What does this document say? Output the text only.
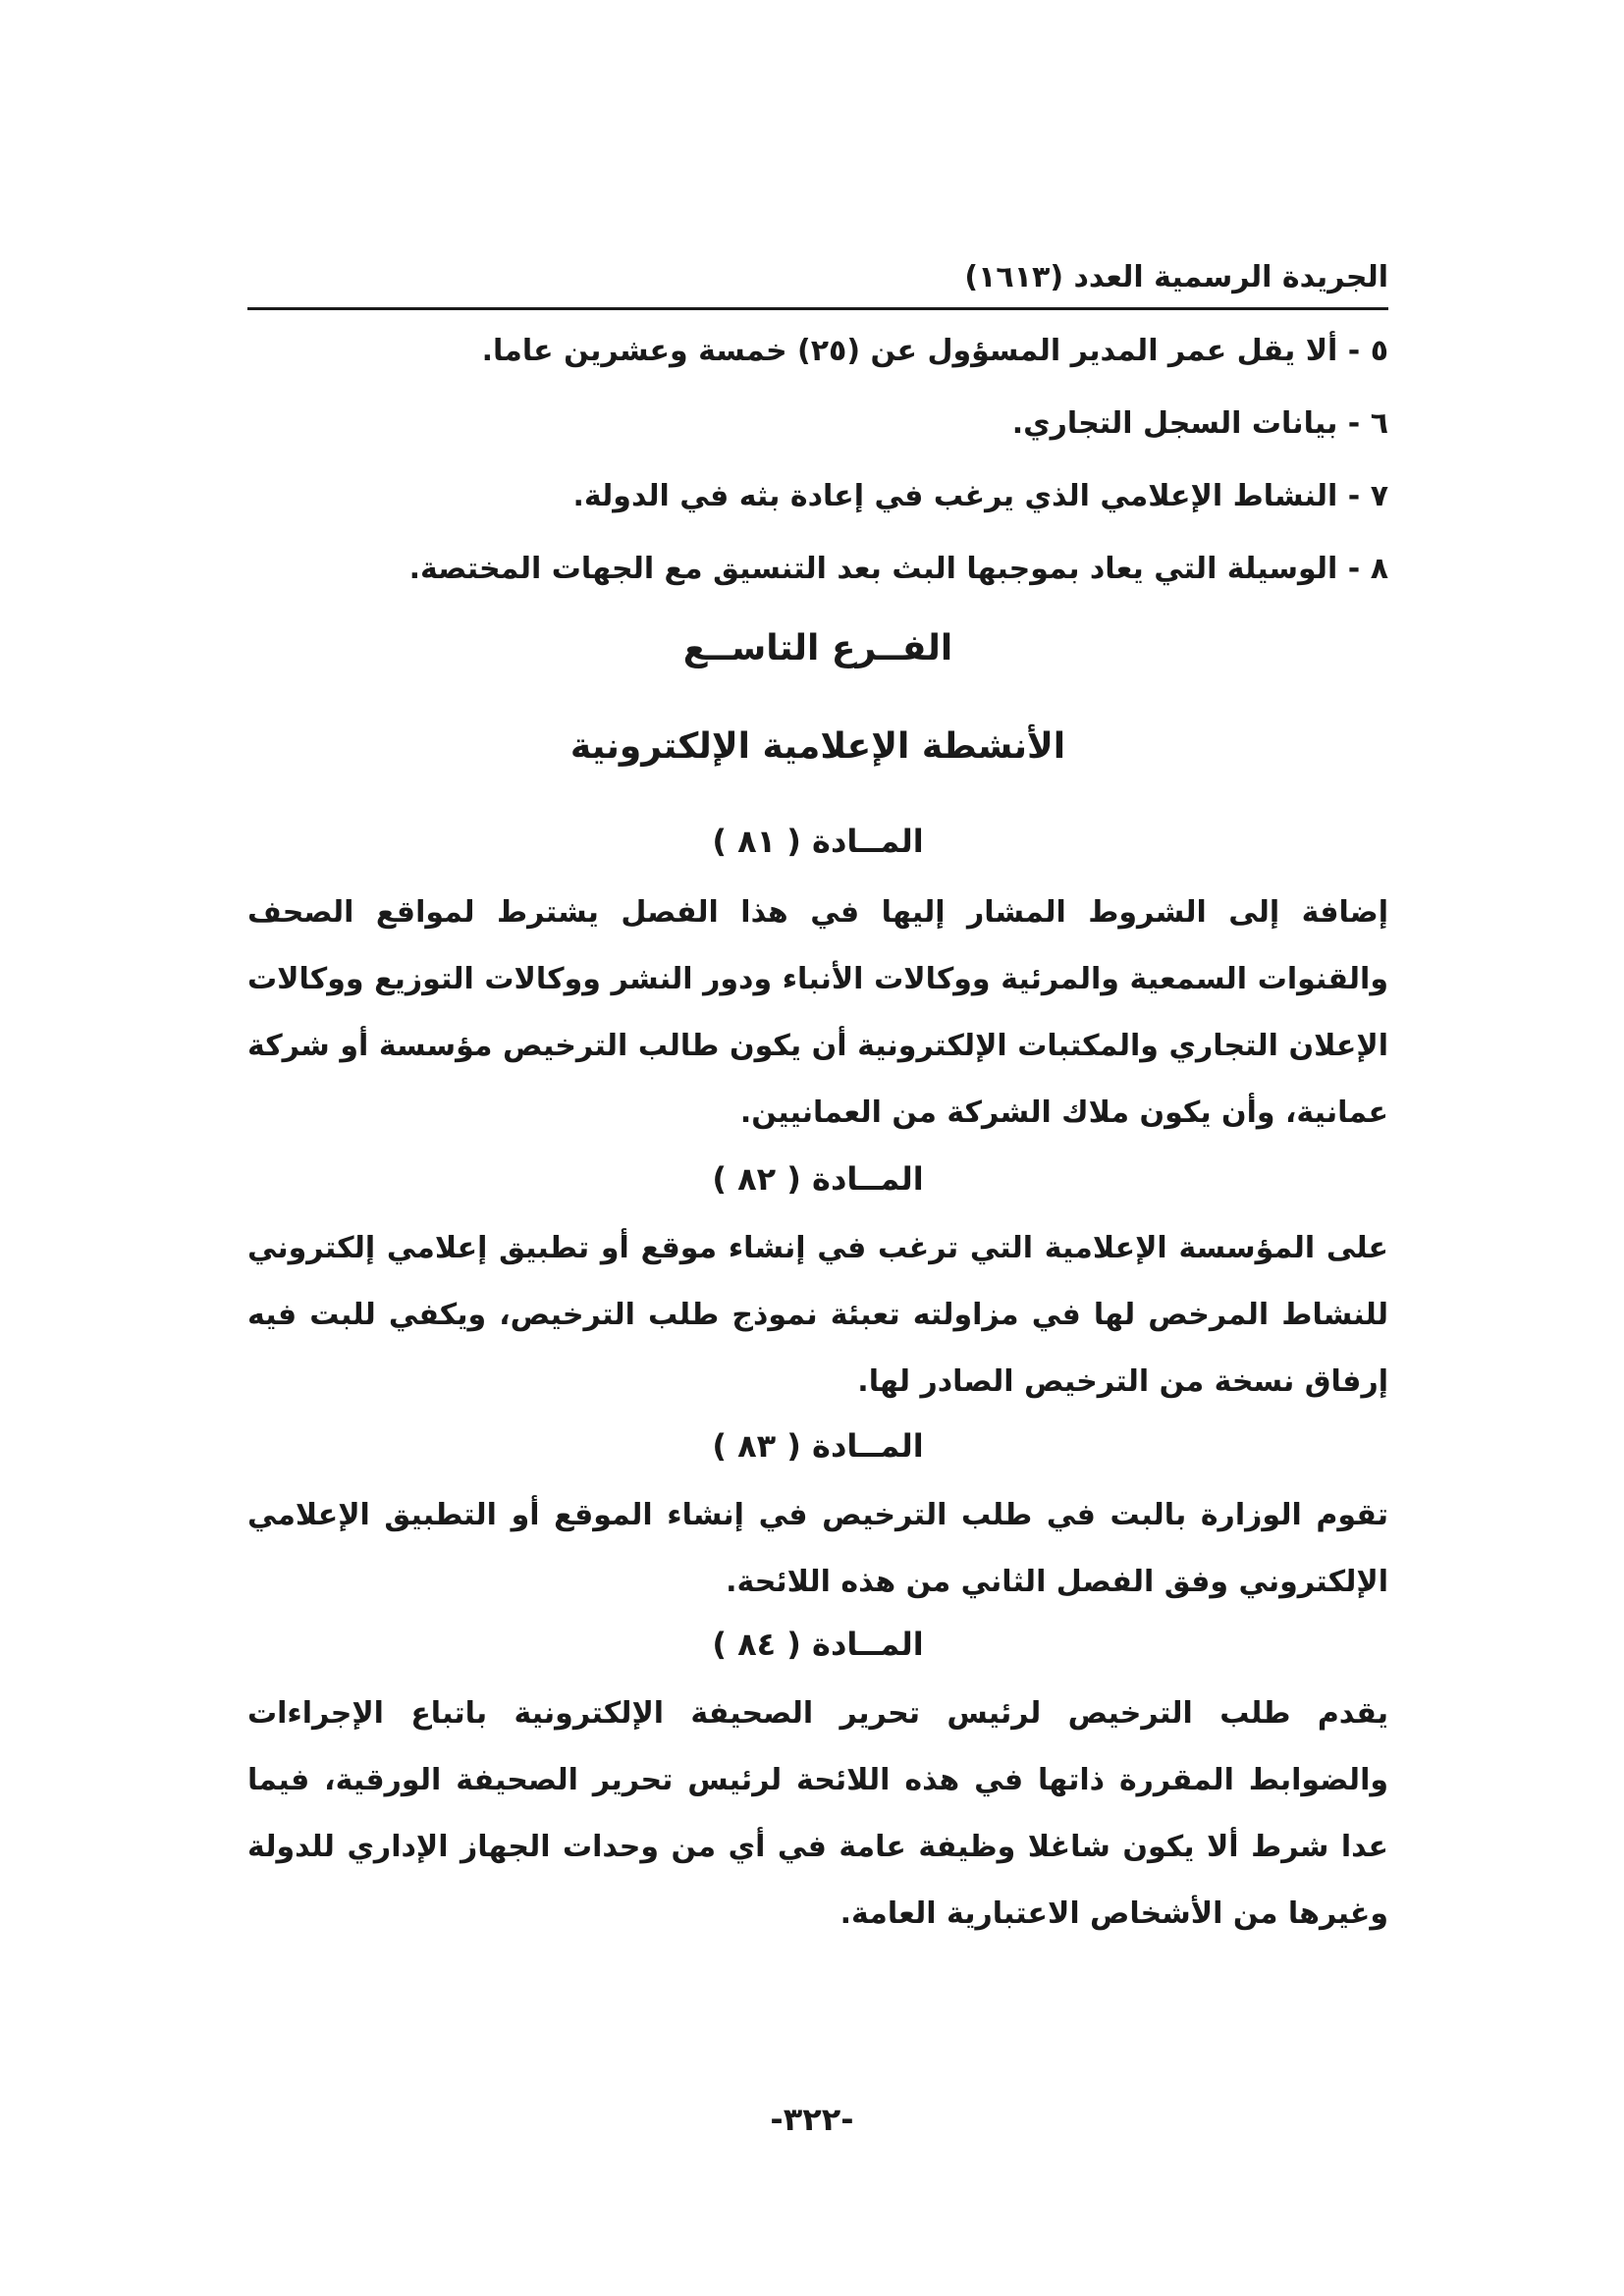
الجريدة الرسمية العدد (١٦١٣)
٥ - ألا يقل عمر المدير المسؤول عن (٢٥) خمسة وعشرين عاما.
٦ - بيانات السجل التجاري.
٧ - النشاط الإعلامي الذي يرغب في إعادة بثه في الدولة.
٨ - الوسيلة التي يعاد بموجبها البث بعد التنسيق مع الجهات المختصة.
الفــرع التاســع
الأنشطة الإعلامية الإلكترونية
المــادة ( ٨١ )
إضافة إلى الشروط المشار إليها في هذا الفصل يشترط لمواقع الصحف والقنوات السمعية والمرئية ووكالات الأنباء ودور النشر ووكالات التوزيع ووكالات الإعلان التجاري والمكتبات الإلكترونية أن يكون طالب الترخيص مؤسسة أو شركة عمانية، وأن يكون ملاك الشركة من العمانيين.
المــادة ( ٨٢ )
على المؤسسة الإعلامية التي ترغب في إنشاء موقع أو تطبيق إعلامي إلكتروني للنشاط المرخص لها في مزاولته تعبئة نموذج طلب الترخيص، ويكفي للبت فيه إرفاق نسخة من الترخيص الصادر لها.
المــادة ( ٨٣ )
تقوم الوزارة بالبت في طلب الترخيص في إنشاء الموقع أو التطبيق الإعلامي الإلكتروني وفق الفصل الثاني من هذه اللائحة.
المــادة ( ٨٤ )
يقدم طلب الترخيص لرئيس تحرير الصحيفة الإلكترونية باتباع الإجراءات والضوابط المقررة ذاتها في هذه اللائحة لرئيس تحرير الصحيفة الورقية، فيما عدا شرط ألا يكون شاغلا وظيفة عامة في أي من وحدات الجهاز الإداري للدولة وغيرها من الأشخاص الاعتبارية العامة.
-٣٢٢-
